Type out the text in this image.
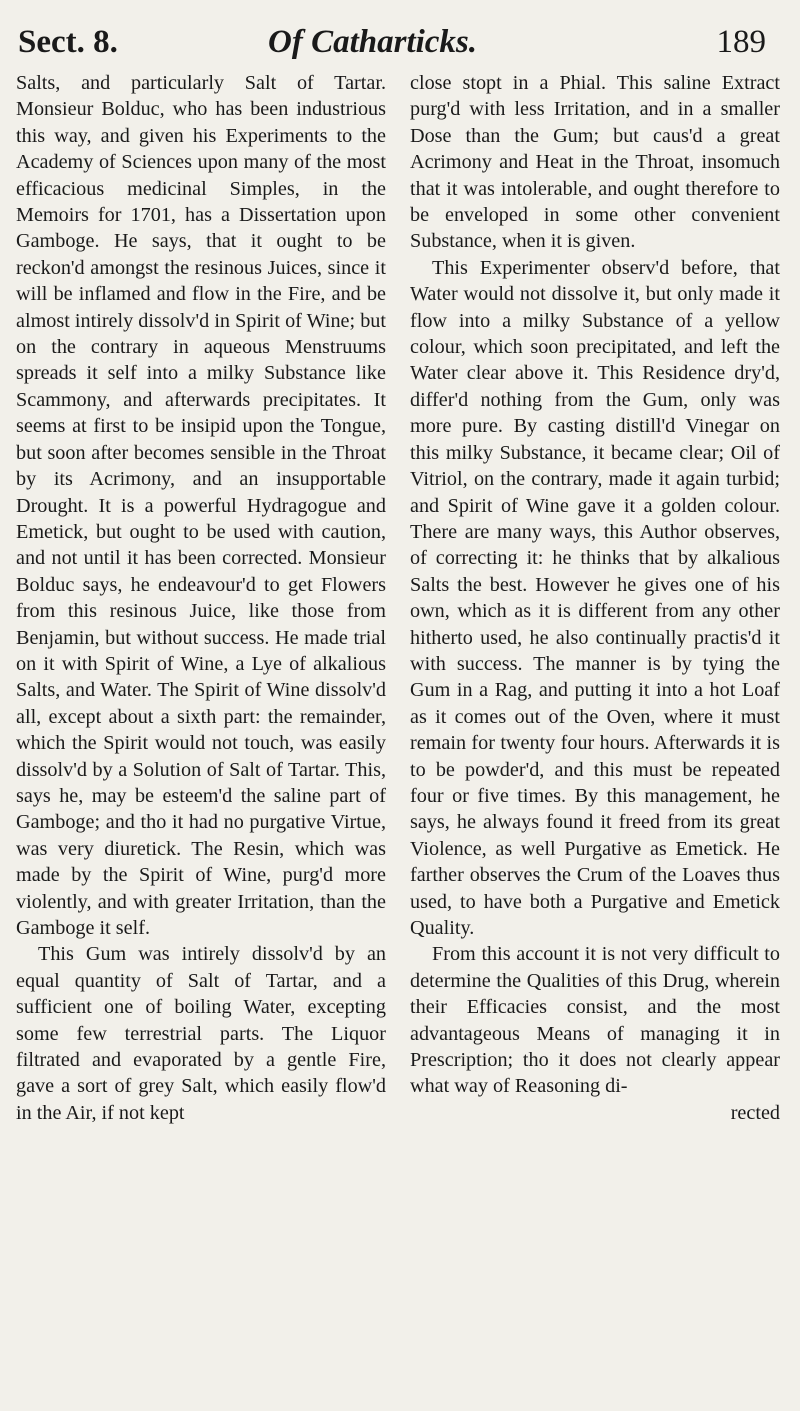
Sect. 8.	Of Catharticks.	189

Salts, and particularly Salt of Tartar. Monsieur Bolduc, who has been industrious this way, and given his Experiments to the Academy of Sciences upon many of the most efficacious medicinal Simples, in the Memoirs for 1701, has a Dissertation upon Gamboge. He says, that it ought to be reckon'd amongst the resinous Juices, since it will be inflamed and flow in the Fire, and be almost intirely dissolv'd in Spirit of Wine; but on the contrary in aqueous Menstruums spreads it self into a milky Substance like Scammony, and afterwards precipitates. It seems at first to be insipid upon the Tongue, but soon after becomes sensible in the Throat by its Acrimony, and an insupportable Drought. It is a powerful Hydragogue and Emetick, but ought to be used with caution, and not until it has been corrected. Monsieur Bolduc says, he endeavour'd to get Flowers from this resinous Juice, like those from Benjamin, but without success. He made trial on it with Spirit of Wine, a Lye of alkalious Salts, and Water. The Spirit of Wine dissolv'd all, except about a sixth part: the remainder, which the Spirit would not touch, was easily dissolv'd by a Solution of Salt of Tartar. This, says he, may be esteem'd the saline part of Gamboge; and tho it had no purgative Virtue, was very diuretick. The Resin, which was made by the Spirit of Wine, purg'd more violently, and with greater Irritation, than the Gamboge it self.

This Gum was intirely dissolv'd by an equal quantity of Salt of Tartar, and a sufficient one of boiling Water, excepting some few terrestrial parts. The Liquor filtrated and evaporated by a gentle Fire, gave a sort of grey Salt, which easily flow'd in the Air, if not kept

close stopt in a Phial. This saline Extract purg'd with less Irritation, and in a smaller Dose than the Gum; but caus'd a great Acrimony and Heat in the Throat, insomuch that it was intolerable, and ought therefore to be enveloped in some other convenient Substance, when it is given.

This Experimenter observ'd before, that Water would not dissolve it, but only made it flow into a milky Substance of a yellow colour, which soon precipitated, and left the Water clear above it. This Residence dry'd, differ'd nothing from the Gum, only was more pure. By casting distill'd Vinegar on this milky Substance, it became clear; Oil of Vitriol, on the contrary, made it again turbid; and Spirit of Wine gave it a golden colour. There are many ways, this Author observes, of correcting it: he thinks that by alkalious Salts the best. However he gives one of his own, which as it is different from any other hitherto used, he also continually practis'd it with success. The manner is by tying the Gum in a Rag, and putting it into a hot Loaf as it comes out of the Oven, where it must remain for twenty four hours. Afterwards it is to be powder'd, and this must be repeated four or five times. By this management, he says, he always found it freed from its great Violence, as well Purgative as Emetick. He farther observes the Crum of the Loaves thus used, to have both a Purgative and Emetick Quality.

From this account it is not very difficult to determine the Qualities of this Drug, wherein their Efficacies consist, and the most advantageous Means of managing it in Prescription; tho it does not clearly appear what way of Reasoning di-

rected
